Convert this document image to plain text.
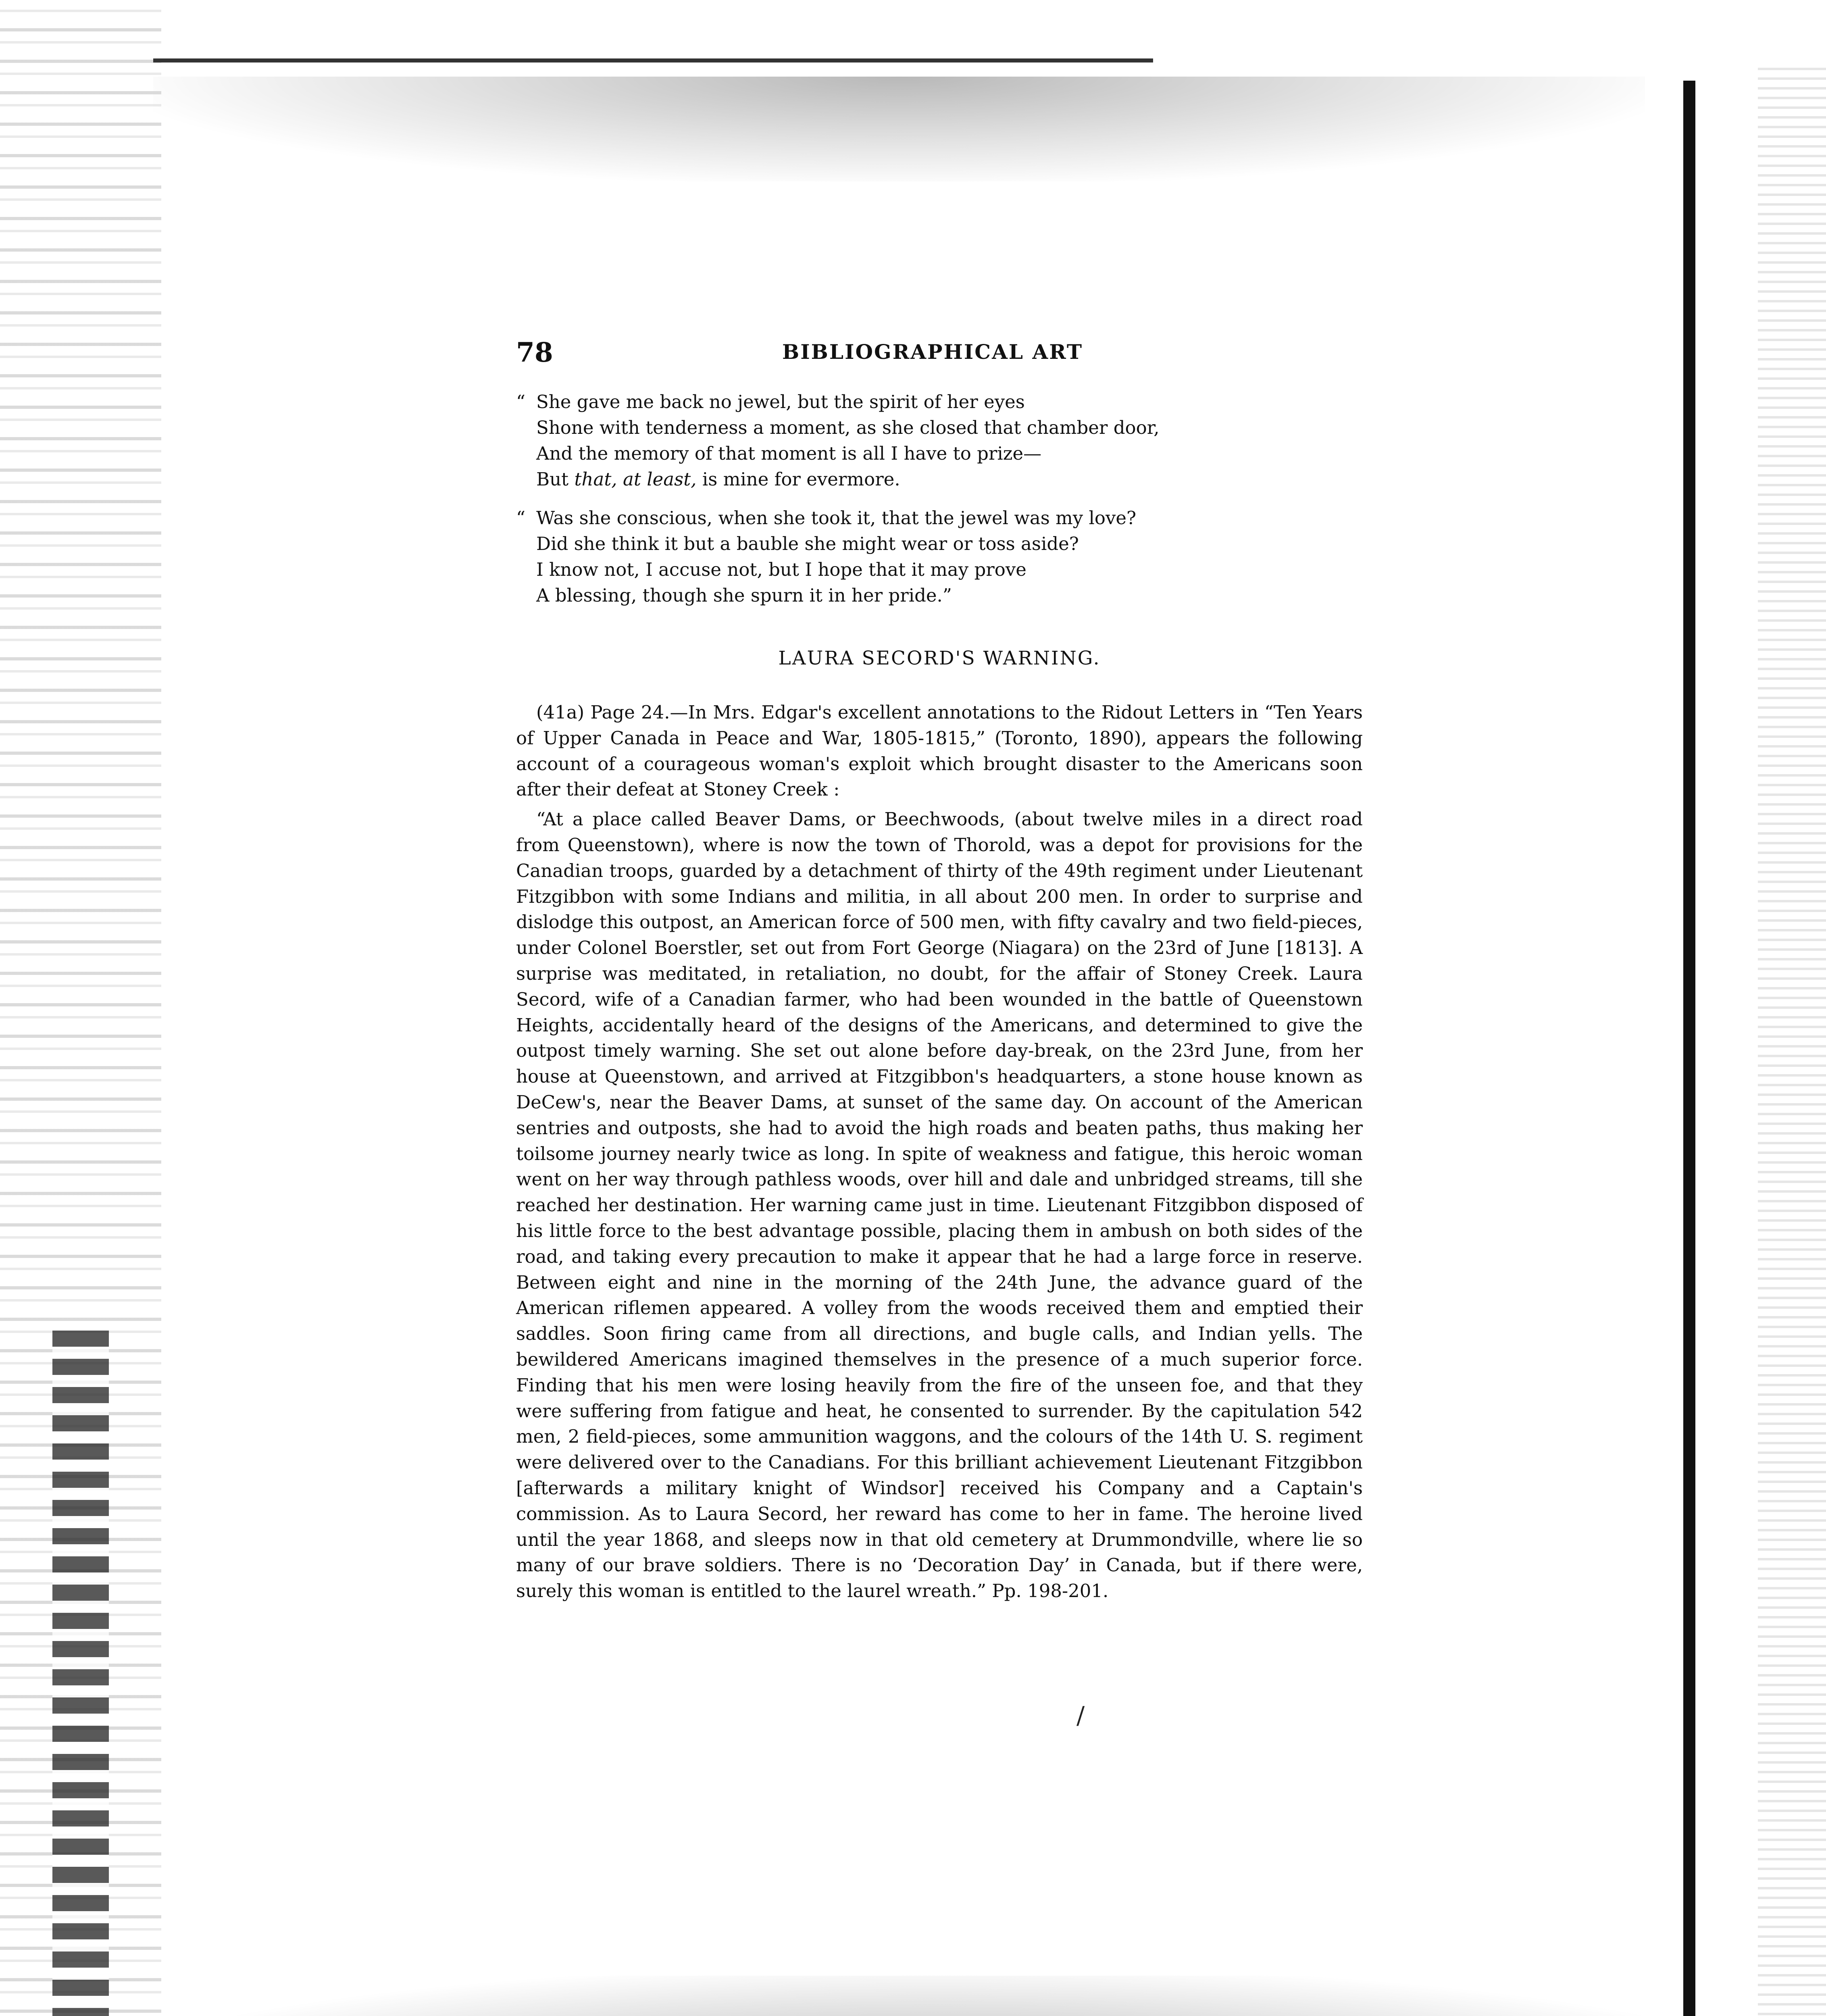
78	BIBLIOGRAPHICAL ART
“ She gave me back no jewel, but the spirit of her eyes
Shone with tenderness a moment, as she closed that chamber door,
And the memory of that moment is all I have to prize—
But that, at least, is mine for evermore.
“ Was she conscious, when she took it, that the jewel was my love?
Did she think it but a bauble she might wear or toss aside?
I know not, I accuse not, but I hope that it may prove
A blessing, though she spurn it in her pride.”
LAURA SECORD'S WARNING.

(41a) Page 24.—In Mrs. Edgar's excellent annotations to the Ridout Letters in “Ten Years of Upper Canada in Peace and War, 1805-1815,” (Toronto, 1890), appears the following account of a courageous woman's exploit which brought disaster to the Americans soon after their defeat at Stoney Creek :

“At a place called Beaver Dams, or Beechwoods, (about twelve miles in a direct road from Queenstown), where is now the town of Thorold, was a depot for provisions for the Canadian troops, guarded by a detachment of thirty of the 49th regiment under Lieutenant Fitzgibbon with some Indians and militia, in all about 200 men. In order to surprise and dislodge this outpost, an American force of 500 men, with fifty cavalry and two field-pieces, under Colonel Boerstler, set out from Fort George (Niagara) on the 23rd of June [1813]. A surprise was meditated, in retaliation, no doubt, for the affair of Stoney Creek. Laura Secord, wife of a Canadian farmer, who had been wounded in the battle of Queenstown Heights, accidentally heard of the designs of the Americans, and determined to give the outpost timely warning. She set out alone before day-break, on the 23rd June, from her house at Queenstown, and arrived at Fitzgibbon's headquarters, a stone house known as DeCew's, near the Beaver Dams, at sunset of the same day. On account of the American sentries and outposts, she had to avoid the high roads and beaten paths, thus making her toilsome journey nearly twice as long. In spite of weakness and fatigue, this heroic woman went on her way through pathless woods, over hill and dale and unbridged streams, till she reached her destination. Her warning came just in time. Lieutenant Fitzgibbon disposed of his little force to the best advantage possible, placing them in ambush on both sides of the road, and taking every precaution to make it appear that he had a large force in reserve. Between eight and nine in the morning of the 24th June, the advance guard of the American riflemen appeared. A volley from the woods received them and emptied their saddles. Soon firing came from all directions, and bugle calls, and Indian yells. The bewildered Americans imagined themselves in the presence of a much superior force. Finding that his men were losing heavily from the fire of the unseen foe, and that they were suffering from fatigue and heat, he consented to surrender. By the capitulation 542 men, 2 field-pieces, some ammunition waggons, and the colours of the 14th U. S. regiment were delivered over to the Canadians. For this brilliant achievement Lieutenant Fitzgibbon [afterwards a military knight of Windsor] received his Company and a Captain's commission. As to Laura Secord, her reward has come to her in fame. The heroine lived until the year 1868, and sleeps now in that old cemetery at Drummondville, where lie so many of our brave soldiers. There is no ‘Decoration Day’ in Canada, but if there were, surely this woman is entitled to the laurel wreath.” Pp. 198-201.

/
